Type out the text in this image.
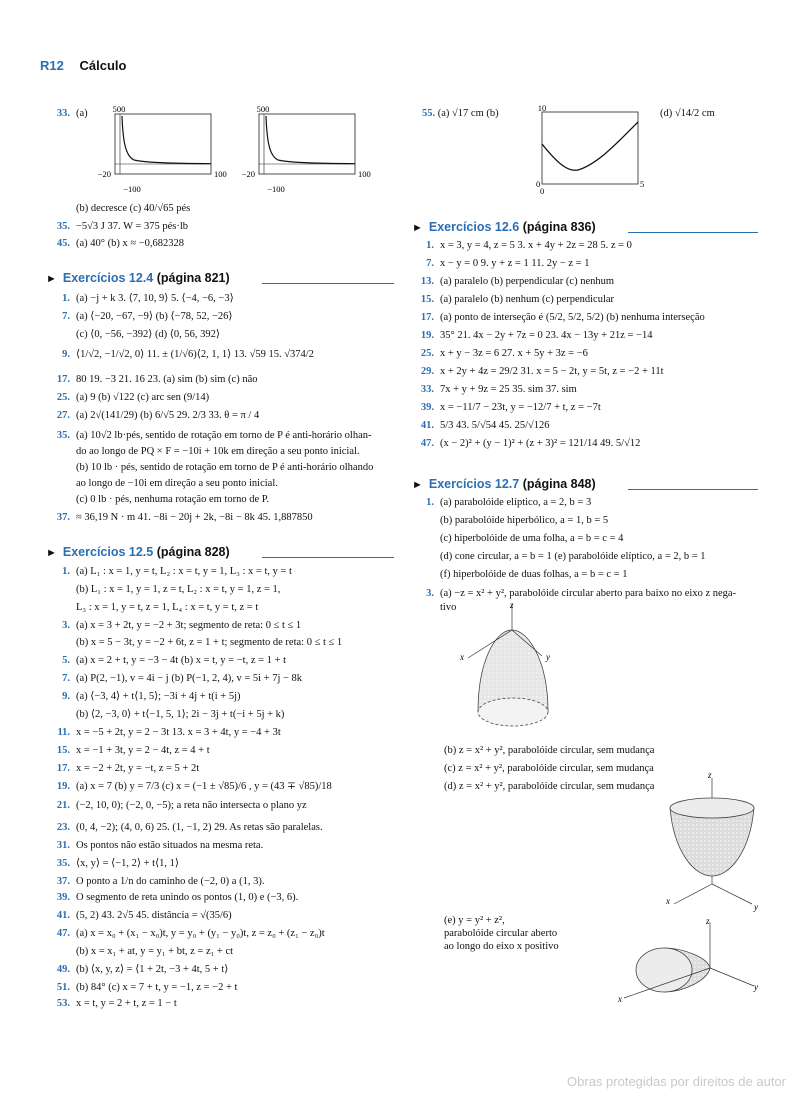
R12 Cálculo
33. (a)
(b) decresce (c) 40/√65 pés
35. −5√3 J 37. W = 375 pés·lb
45. (a) 40° (b) x ≈ −0,682328
500
−20	100
−100
500
−20	100
−100
► Exercícios 12.4 (página 821)
1. (a) −j + k 3. ⟨7, 10, 9⟩ 5. ⟨−4, −6, −3⟩
7. (a) ⟨−20, −67, −9⟩ (b) ⟨−78, 52, −26⟩
(c) ⟨0, −56, −392⟩ (d) ⟨0, 56, 392⟩
9. ⟨1/√2, −1/√2, 0⟩ 11. ± (1/√6)⟨2, 1, 1⟩ 13. √59 15. √374/2
17. 80 19. −3 21. 16 23. (a) sim (b) sim (c) não
25. (a) 9 (b) √122 (c) arc sen (9/14)
27. (a) 2√(141/29) (b) 6/√5 29. 2/3 33. θ = π / 4
35. (a) 10√2 lb·pés, sentido de rotação em torno de P é anti-horário olhan-
do ao longo de PQ × F = −10i + 10k em direção a seu ponto inicial.
(b) 10 lb · pés, sentido de rotação em torno de P é anti-horário olhando
ao longo de −10i em direção a seu ponto inicial.
(c) 0 lb · pés, nenhuma rotação em torno de P.
37. ≈ 36,19 N · m 41. −8i − 20j + 2k, −8i − 8k 45. 1,887850
► Exercícios 12.5 (página 828)
1. (a) L₁ : x = 1, y = t, L₂ : x = t, y = 1, L₃ : x = t, y = t
(b) L₁ : x = 1, y = 1, z = t, L₂ : x = t, y = 1, z = 1,
L₃ : x = 1, y = t, z = 1, L₄ : x = t, y = t, z = t
3. (a) x = 3 + 2t, y = −2 + 3t; segmento de reta: 0 ≤ t ≤ 1
(b) x = 5 − 3t, y = −2 + 6t, z = 1 + t; segmento de reta: 0 ≤ t ≤ 1
5. (a) x = 2 + t, y = −3 − 4t (b) x = t, y = −t, z = 1 + t
7. (a) P(2, −1), v = 4i − j (b) P(−1, 2, 4), v = 5i + 7j − 8k
9. (a) ⟨−3, 4⟩ + t⟨1, 5⟩; −3i + 4j + t(i + 5j)
(b) ⟨2, −3, 0⟩ + t⟨−1, 5, 1⟩; 2i − 3j + t(−i + 5j + k)
11. x = −5 + 2t, y = 2 − 3t 13. x = 3 + 4t, y = −4 + 3t
15. x = −1 + 3t, y = 2 − 4t, z = 4 + t
17. x = −2 + 2t, y = −t, z = 5 + 2t
19. (a) x = 7 (b) y = 7/3 (c) x = (−1 ± √85)/6 , y = (43 ∓ √85)/18
21. (−2, 10, 0); (−2, 0, −5); a reta não intersecta o plano yz
23. (0, 4, −2); (4, 0, 6) 25. (1, −1, 2) 29. As retas são paralelas.
31. Os pontos não estão situados na mesma reta.
35. ⟨x, y⟩ = ⟨−1, 2⟩ + t⟨1, 1⟩
37. O ponto a 1/n do caminho de (−2, 0) a (1, 3).
39. O segmento de reta unindo os pontos (1, 0) e (−3, 6).
41. (5, 2) 43. 2√5 45. distância = √(35/6)
47. (a) x = x₀ + (x₁ − x₀)t, y = y₀ + (y₁ − y₀)t, z = z₀ + (z₁ − z₀)t
(b) x = x₁ + at, y = y₁ + bt, z = z₁ + ct
49. (b) ⟨x, y, z⟩ = ⟨1 + 2t, −3 + 4t, 5 + t⟩
51. (b) 84° (c) x = 7 + t, y = −1, z = −2 + t
53. x = t, y = 2 + t, z = 1 − t
55. (a) √17 cm (b)	(d) √14/2 cm
10
0	5
0
► Exercícios 12.6 (página 836)
1. x = 3, y = 4, z = 5 3. x + 4y + 2z = 28 5. z = 0
7. x − y = 0 9. y + z = 1 11. 2y − z = 1
13. (a) paralelo (b) perpendicular (c) nenhum
15. (a) paralelo (b) nenhum (c) perpendicular
17. (a) ponto de interseção é (5/2, 5/2, 5/2) (b) nenhuma interseção
19. 35° 21. 4x − 2y + 7z = 0 23. 4x − 13y + 21z = −14
25. x + y − 3z = 6 27. x + 5y + 3z = −6
29. x + 2y + 4z = 29/2 31. x = 5 − 2t, y = 5t, z = −2 + 11t
33. 7x + y + 9z = 25 35. sim 37. sim
39. x = −11/7 − 23t, y = −12/7 + t, z = −7t
41. 5/3 43. 5/√54 45. 25/√126
47. (x − 2)² + (y − 1)² + (z + 3)² = 121/14 49. 5/√12
► Exercícios 12.7 (página 848)
1. (a) parabolóide elíptico, a = 2, b = 3
(b) parabolóide hiperbólico, a = 1, b = 5
(c) hiperbolóide de uma folha, a = b = c = 4
(d) cone circular, a = b = 1 (e) parabolóide elíptico, a = 2, b = 1
(f) hiperbolóide de duas folhas, a = b = c = 1
3. (a) −z = x² + y², parabolóide circular aberto para baixo no eixo z nega-
tivo	z
y
x
(b) z = x² + y², parabolóide circular, sem mudança
(c) z = x² + y², parabolóide circular, sem mudança
(d) z = x² + y², parabolóide circular, sem mudança
z
y
x
(e) y = y² + z²,
parabolóide circular aberto
ao longo do eixo x positivo
z
y
x
Obras protegidas por direitos de autor
